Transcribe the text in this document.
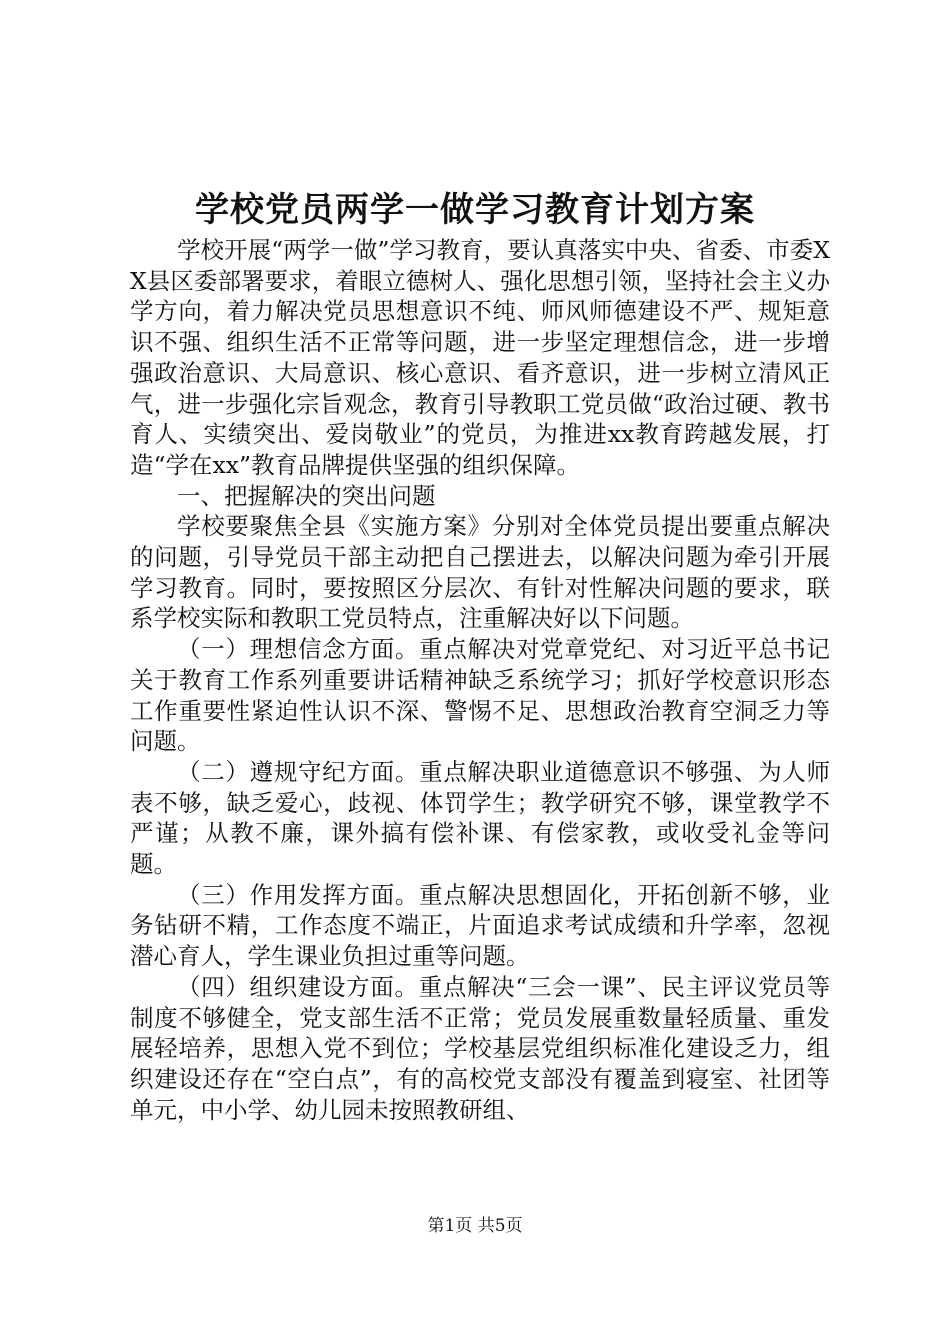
学校党员两学一做学习教育计划方案

学校开展“两学一做”学习教育，要认真落实中央、省委、市委XX县区委部署要求，着眼立德树人、强化思想引领，坚持社会主义办学方向，着力解决党员思想意识不纯、师风师德建设不严、规矩意识不强、组织生活不正常等问题，进一步坚定理想信念，进一步增强政治意识、大局意识、核心意识、看齐意识，进一步树立清风正气，进一步强化宗旨观念，教育引导教职工党员做“政治过硬、教书育人、实绩突出、爱岗敬业”的党员，为推进xx教育跨越发展，打造“学在xx”教育品牌提供坚强的组织保障。

一、把握解决的突出问题

学校要聚焦全县《实施方案》分别对全体党员提出要重点解决的问题，引导党员干部主动把自己摆进去，以解决问题为牵引开展学习教育。同时，要按照区分层次、有针对性解决问题的要求，联系学校实际和教职工党员特点，注重解决好以下问题。

（一）理想信念方面。重点解决对党章党纪、对习近平总书记关于教育工作系列重要讲话精神缺乏系统学习；抓好学校意识形态工作重要性紧迫性认识不深、警惕不足、思想政治教育空洞乏力等问题。

（二）遵规守纪方面。重点解决职业道德意识不够强、为人师表不够，缺乏爱心，歧视、体罚学生；教学研究不够，课堂教学不严谨；从教不廉，课外搞有偿补课、有偿家教，或收受礼金等问题。

（三）作用发挥方面。重点解决思想固化，开拓创新不够，业务钻研不精，工作态度不端正，片面追求考试成绩和升学率，忽视潜心育人，学生课业负担过重等问题。

（四）组织建设方面。重点解决“三会一课”、民主评议党员等制度不够健全，党支部生活不正常；党员发展重数量轻质量、重发展轻培养，思想入党不到位；学校基层党组织标准化建设乏力，组织建设还存在“空白点”，有的高校党支部没有覆盖到寝室、社团等单元，中小学、幼儿园未按照教研组、

第1页 共5页
